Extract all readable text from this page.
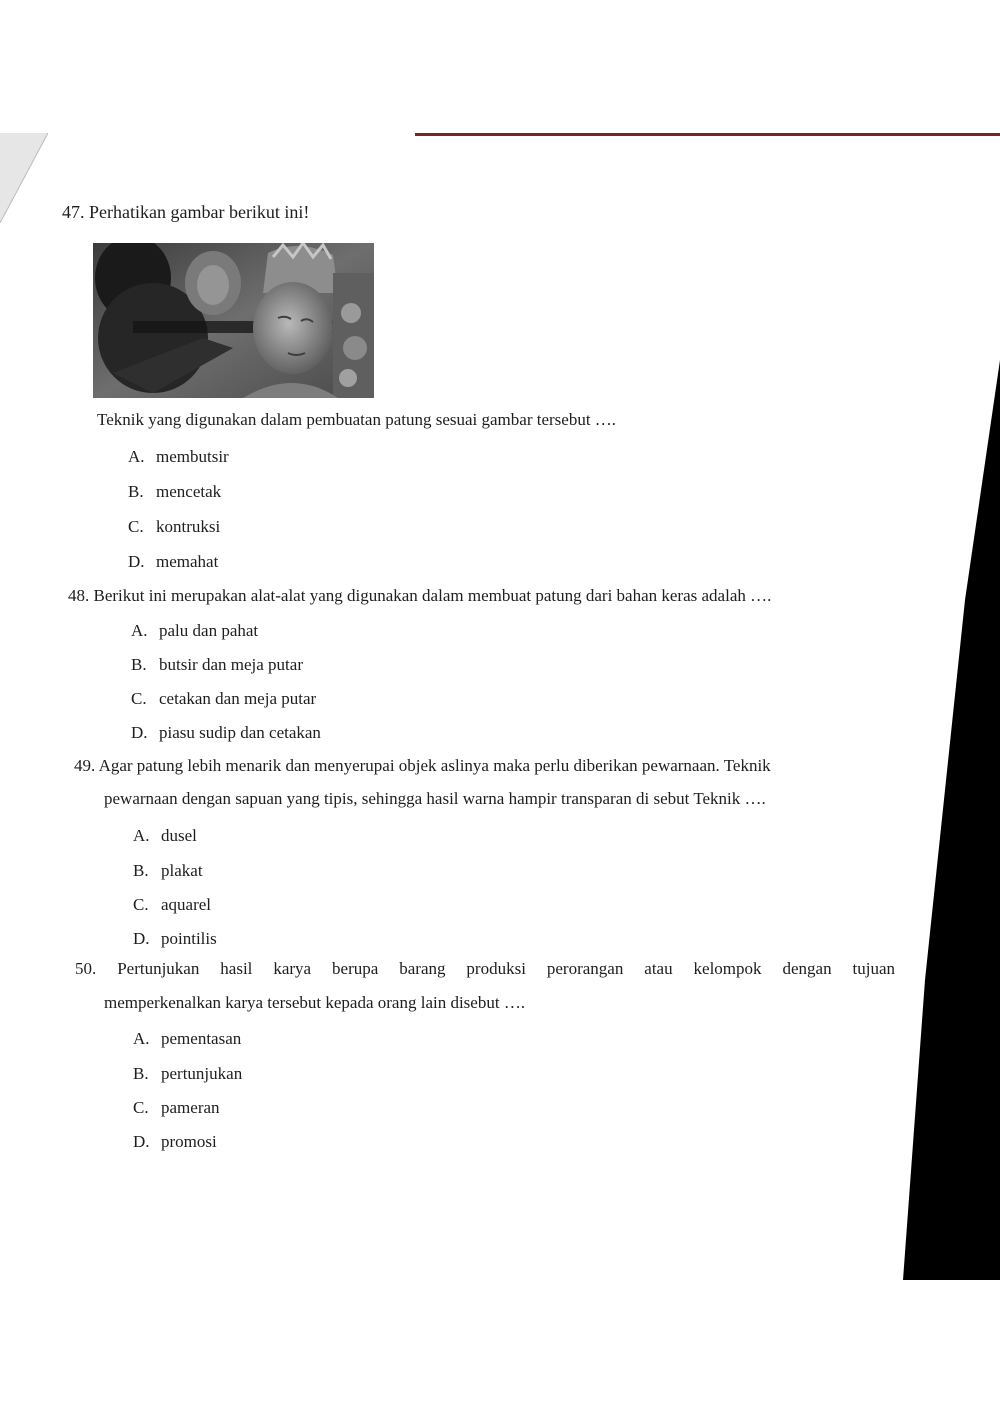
47. Perhatikan gambar berikut ini!
Teknik yang digunakan dalam pembuatan patung sesuai gambar tersebut ….
A. membutsir
B. mencetak
C. kontruksi
D. memahat
48. Berikut ini merupakan alat-alat yang digunakan dalam membuat patung dari bahan keras adalah ….
A. palu dan pahat
B. butsir dan meja putar
C. cetakan dan meja putar
D. piasu sudip dan cetakan
49. Agar patung lebih menarik dan menyerupai objek aslinya maka perlu diberikan pewarnaan. Teknik
pewarnaan dengan sapuan yang tipis, sehingga hasil warna hampir transparan di sebut Teknik ….
A. dusel
B. plakat
C. aquarel
D. pointilis
50. Pertunjukan hasil karya berupa barang produksi perorangan atau kelompok dengan tujuan
memperkenalkan karya tersebut kepada orang lain disebut ….
A. pementasan
B. pertunjukan
C. pameran
D. promosi
